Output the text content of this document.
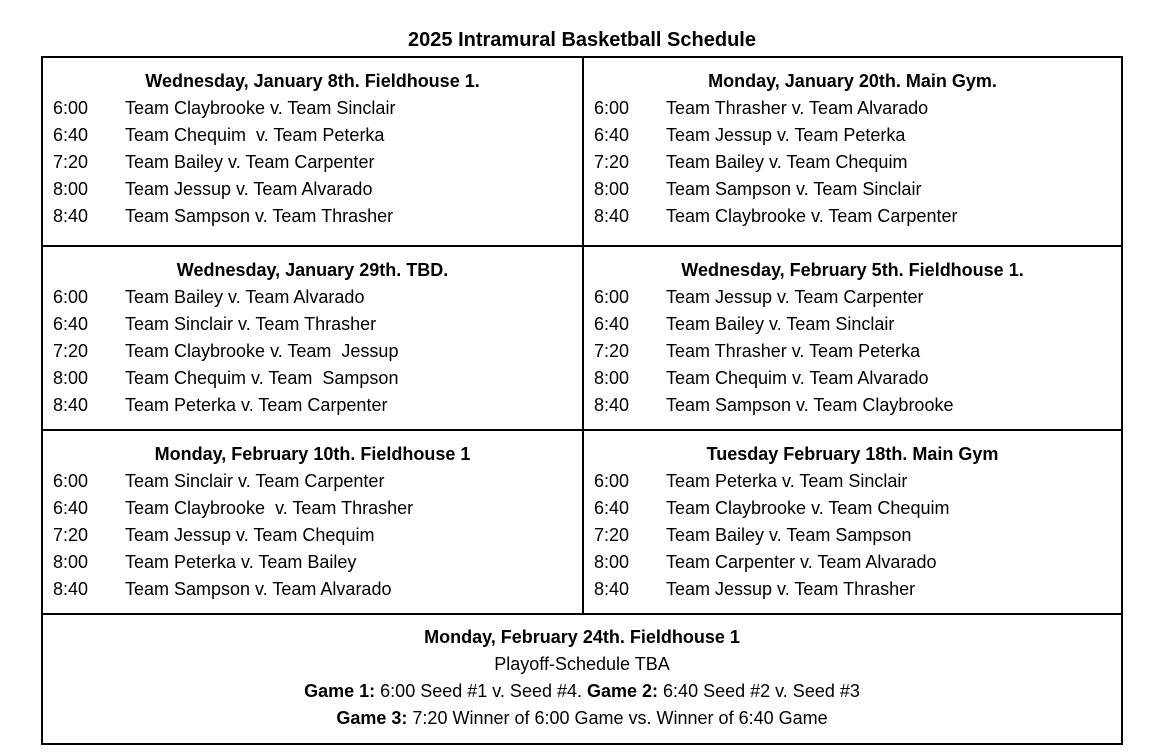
2025 Intramural Basketball Schedule
Wednesday, January 8th. Fieldhouse 1.
6:00	Team Claybrooke v. Team Sinclair
6:40	Team Chequim  v. Team Peterka
7:20	Team Bailey v. Team Carpenter
8:00	Team Jessup v. Team Alvarado
8:40	Team Sampson v. Team Thrasher
Monday, January 20th. Main Gym.
6:00	Team Thrasher v. Team Alvarado
6:40	Team Jessup v. Team Peterka
7:20	Team Bailey v. Team Chequim
8:00	Team Sampson v. Team Sinclair
8:40	Team Claybrooke v. Team Carpenter
Wednesday, January 29th. TBD.
6:00	Team Bailey v. Team Alvarado
6:40	Team Sinclair v. Team Thrasher
7:20	Team Claybrooke v. Team  Jessup
8:00	Team Chequim v. Team  Sampson
8:40	Team Peterka v. Team Carpenter
Wednesday, February 5th. Fieldhouse 1.
6:00	Team Jessup v. Team Carpenter
6:40	Team Bailey v. Team Sinclair
7:20	Team Thrasher v. Team Peterka
8:00	Team Chequim v. Team Alvarado
8:40	Team Sampson v. Team Claybrooke
Monday, February 10th. Fieldhouse 1
6:00	Team Sinclair v. Team Carpenter
6:40	Team Claybrooke  v. Team Thrasher
7:20	Team Jessup v. Team Chequim
8:00	Team Peterka v. Team Bailey
8:40	Team Sampson v. Team Alvarado
Tuesday February 18th. Main Gym
6:00	Team Peterka v. Team Sinclair
6:40	Team Claybrooke v. Team Chequim
7:20	Team Bailey v. Team Sampson
8:00	Team Carpenter v. Team Alvarado
8:40	Team Jessup v. Team Thrasher
Monday, February 24th. Fieldhouse 1
Playoff-Schedule TBA
Game 1: 6:00 Seed #1 v. Seed #4. Game 2: 6:40 Seed #2 v. Seed #3
Game 3: 7:20 Winner of 6:00 Game vs. Winner of 6:40 Game
